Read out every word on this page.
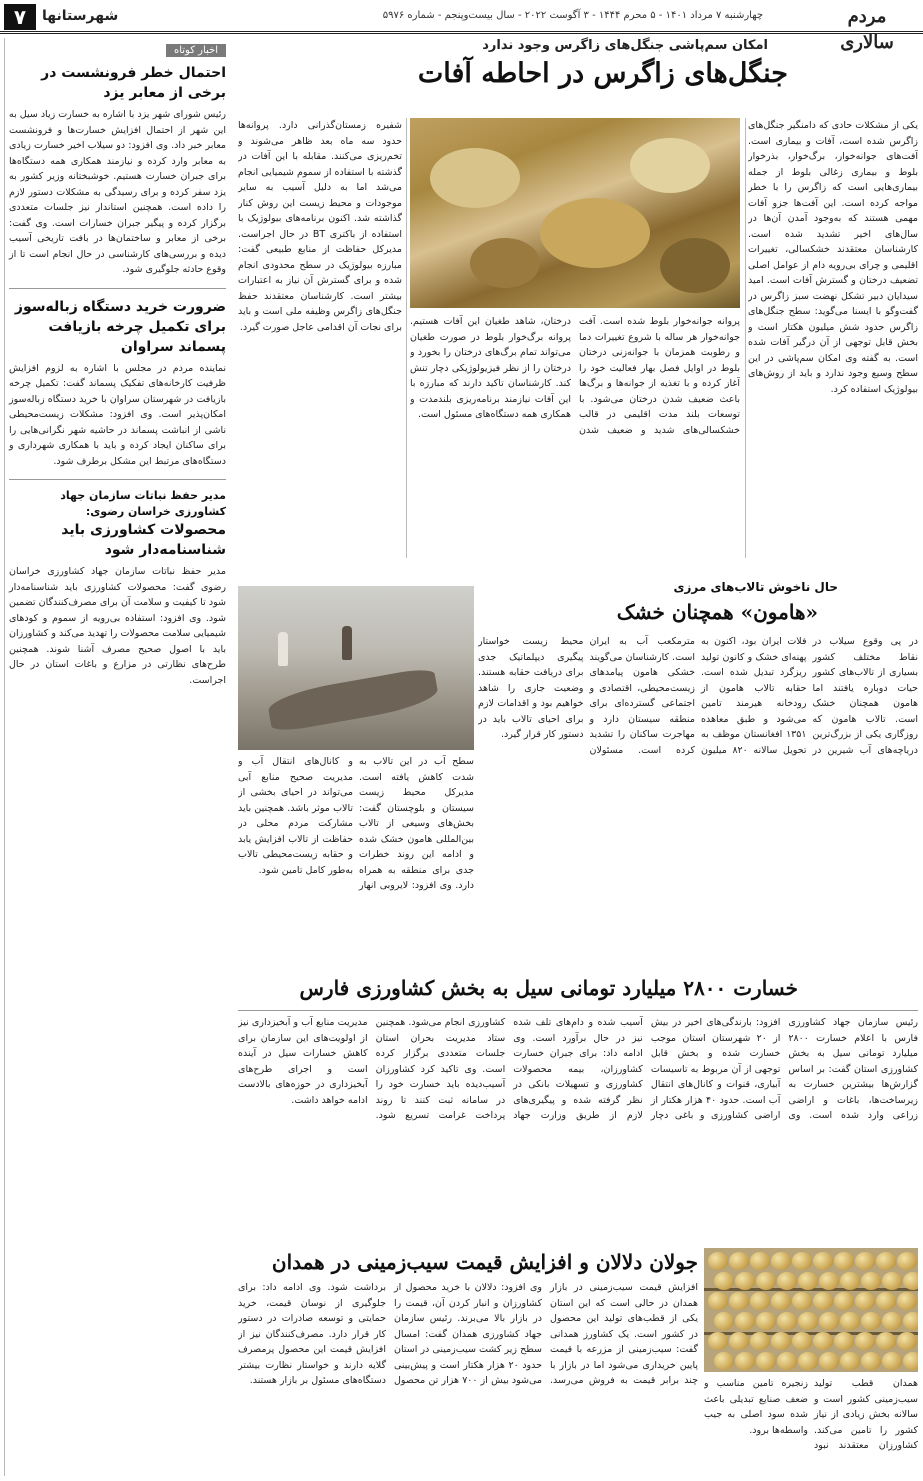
مردم سالاری
چهارشنبه ۷ مرداد ۱۴۰۱ - ۵ محرم ۱۴۴۴ - ۳ آگوست ۲۰۲۲ - سال بیست‌وپنجم - شماره ۵۹۷۶
شهرستانها
۷
اخبار کوتاه
احتمال خطر فرونشست در برخی از معابر یزد
رئیس شورای شهر یزد با اشاره به خسارت زیاد سیل به این شهر از احتمال افزایش خسارت‌ها و فرونشست معابر خبر داد. وی افزود: دو سیلاب اخیر خسارت زیادی به معابر وارد کرده و نیازمند همکاری همه دستگاه‌ها برای جبران خسارت هستیم. خوشبختانه وزیر کشور به یزد سفر کرده و برای رسیدگی به مشکلات دستور لازم را داده است. همچنین استاندار نیز جلسات متعددی برگزار کرده و پیگیر جبران خسارات است. وی گفت: برخی از معابر و ساختمان‌ها در بافت تاریخی آسیب دیده و بررسی‌های کارشناسی در حال انجام است تا از وقوع حادثه جلوگیری شود.
ضرورت خرید دستگاه زباله‌سوز برای تکمیل چرخه بازیافت پسماند سراوان
نماینده مردم در مجلس با اشاره به لزوم افزایش ظرفیت کارخانه‌های تفکیک پسماند گفت: تکمیل چرخه بازیافت در شهرستان سراوان با خرید دستگاه زباله‌سوز امکان‌پذیر است. وی افزود: مشکلات زیست‌محیطی ناشی از انباشت پسماند در حاشیه شهر نگرانی‌هایی را برای ساکنان ایجاد کرده و باید با همکاری شهرداری و دستگاه‌های مرتبط این مشکل برطرف شود.
مدیر حفظ نباتات سازمان جهاد کشاورزی خراسان رضوی:
محصولات کشاورزی باید شناسنامه‌دار شود
مدیر حفظ نباتات سازمان جهاد کشاورزی خراسان رضوی گفت: محصولات کشاورزی باید شناسنامه‌دار شود تا کیفیت و سلامت آن برای مصرف‌کنندگان تضمین شود. وی افزود: استفاده بی‌رویه از سموم و کودهای شیمیایی سلامت محصولات را تهدید می‌کند و کشاورزان باید با اصول صحیح مصرف آشنا شوند. همچنین طرح‌های نظارتی در مزارع و باغات استان در حال اجراست.
امکان سم‌پاشی جنگل‌های زاگرس وجود ندارد
جنگل‌های زاگرس در احاطه آفات
یکی از مشکلات حادی که دامنگیر جنگل‌های زاگرس شده است، آفات و بیماری است. آفت‌های جوانه‌خوار، برگ‌خوار، بذرخوار بلوط و بیماری زغالی بلوط از جمله بیماری‌هایی است که زاگرس را با خطر مواجه کرده است. این آفت‌ها جزو آفات مهمی هستند که به‌وجود آمدن آن‌ها در سال‌های اخیر تشدید شده است. کارشناسان معتقدند خشکسالی، تغییرات اقلیمی و چرای بی‌رویه دام از عوامل اصلی تضعیف درختان و گسترش آفات است. امید سیدایان دبیر تشکل نهضت سبز زاگرس در گفت‌وگو با ایسنا می‌گوید: سطح جنگل‌های زاگرس حدود شش میلیون هکتار است و بخش قابل توجهی از آن درگیر آفات شده است. به گفته وی امکان سم‌پاشی در این سطح وسیع وجود ندارد و باید از روش‌های بیولوژیک استفاده کرد.
پروانه جوانه‌خوار بلوط شده است. آفت جوانه‌خوار هر ساله با شروع تغییرات دما و رطوبت همزمان با جوانه‌زنی درختان بلوط در اوایل فصل بهار فعالیت خود را آغاز کرده و با تغذیه از جوانه‌ها و برگ‌ها باعث ضعیف شدن درختان می‌شود. با توسعات بلند مدت اقلیمی در قالب خشکسالی‌های شدید و ضعیف شدن درختان، شاهد طغیان این آفات هستیم. پروانه برگ‌خوار بلوط در صورت طغیان می‌تواند تمام برگ‌های درختان را بخورد و درختان را از نظر فیزیولوژیکی دچار تنش کند. کارشناسان تاکید دارند که مبارزه با این آفات نیازمند برنامه‌ریزی بلندمدت و همکاری همه دستگاه‌های مسئول است.
شفیره زمستان‌گذرانی دارد. پروانه‌ها حدود سه ماه بعد ظاهر می‌شوند و تخم‌ریزی می‌کنند. مقابله با این آفات در گذشته با استفاده از سموم شیمیایی انجام می‌شد اما به دلیل آسیب به سایر موجودات و محیط زیست این روش کنار گذاشته شد. اکنون برنامه‌های بیولوژیک با استفاده از باکتری BT در حال اجراست. مدیرکل حفاظت از منابع طبیعی گفت: مبارزه بیولوژیک در سطح محدودی انجام شده و برای گسترش آن نیاز به اعتبارات بیشتر است. کارشناسان معتقدند حفظ جنگل‌های زاگرس وظیفه ملی است و باید برای نجات آن اقدامی عاجل صورت گیرد.
حال ناخوش تالاب‌های مرزی
«هامون» همچنان خشک
در پی وقوع سیلاب در نقاط مختلف کشور بسیاری از تالاب‌های کشور حیات دوباره یافتند اما هامون همچنان خشک است. تالاب هامون که روزگاری یکی از بزرگ‌ترین دریاچه‌های آب شیرین در فلات ایران بود، اکنون به پهنه‌ای خشک و کانون تولید ریزگرد تبدیل شده است. حقابه تالاب هامون از رودخانه هیرمند تامین می‌شود و طبق معاهده ۱۳۵۱ افغانستان موظف به تحویل سالانه ۸۲۰ میلیون مترمکعب آب به ایران است. کارشناسان می‌گویند خشکی هامون پیامدهای زیست‌محیطی، اقتصادی و اجتماعی گسترده‌ای برای منطقه سیستان دارد و مهاجرت ساکنان را تشدید کرده است. مسئولان محیط زیست خواستار پیگیری دیپلماتیک جدی برای دریافت حقابه هستند. وضعیت جاری را شاهد خواهیم بود و اقدامات لازم برای احیای تالاب باید در دستور کار قرار گیرد.
سطح آب در این تالاب به شدت کاهش یافته است. مدیرکل محیط زیست سیستان و بلوچستان گفت: بخش‌های وسیعی از تالاب بین‌المللی هامون خشک شده و ادامه این روند خطرات جدی برای منطقه به همراه دارد. وی افزود: لایروبی انهار و کانال‌های انتقال آب و مدیریت صحیح منابع آبی می‌تواند در احیای بخشی از تالاب موثر باشد. همچنین باید مشارکت مردم محلی در حفاظت از تالاب افزایش یابد و حقابه زیست‌محیطی تالاب به‌طور کامل تامین شود.
خسارت ۲۸۰۰ میلیارد تومانی سیل به بخش کشاورزی فارس
رئیس سازمان جهاد کشاورزی فارس با اعلام خسارت ۲۸۰۰ میلیارد تومانی سیل به بخش کشاورزی استان گفت: بر اساس گزارش‌ها بیشترین خسارت به زیرساخت‌ها، باغات و اراضی زراعی وارد شده است. وی افزود: بارندگی‌های اخیر در بیش از ۲۰ شهرستان استان موجب خسارت شده و بخش قابل توجهی از آن مربوط به تاسیسات آبیاری، قنوات و کانال‌های انتقال آب است. حدود ۴۰ هزار هکتار از اراضی کشاورزی و باغی دچار آسیب شده و دام‌های تلف شده نیز در حال برآورد است. وی ادامه داد: برای جبران خسارت کشاورزان، بیمه محصولات کشاورزی و تسهیلات بانکی در نظر گرفته شده و پیگیری‌های لازم از طریق وزارت جهاد کشاورزی انجام می‌شود. همچنین ستاد مدیریت بحران استان جلسات متعددی برگزار کرده است. وی تاکید کرد کشاورزان آسیب‌دیده باید خسارت خود را در سامانه ثبت کنند تا روند پرداخت غرامت تسریع شود. مدیریت منابع آب و آبخیزداری نیز از اولویت‌های این سازمان برای کاهش خسارات سیل در آینده است و اجرای طرح‌های آبخیزداری در حوزه‌های بالادست ادامه خواهد داشت.
جولان دلالان و افزایش قیمت سیب‌زمینی در همدان
افزایش قیمت سیب‌زمینی در بازار همدان در حالی است که این استان یکی از قطب‌های تولید این محصول در کشور است. یک کشاورز همدانی گفت: سیب‌زمینی از مزرعه با قیمت پایین خریداری می‌شود اما در بازار با چند برابر قیمت به فروش می‌رسد. وی افزود: دلالان با خرید محصول از کشاورزان و انبار کردن آن، قیمت را در بازار بالا می‌برند. رئیس سازمان جهاد کشاورزی همدان گفت: امسال سطح زیر کشت سیب‌زمینی در استان حدود ۲۰ هزار هکتار است و پیش‌بینی می‌شود بیش از ۷۰۰ هزار تن محصول برداشت شود. وی ادامه داد: برای جلوگیری از نوسان قیمت، خرید حمایتی و توسعه صادرات در دستور کار قرار دارد. مصرف‌کنندگان نیز از افزایش قیمت این محصول پرمصرف گلایه دارند و خواستار نظارت بیشتر دستگاه‌های مسئول بر بازار هستند.	همدان قطب تولید سیب‌زمینی کشور است و سالانه بخش زیادی از نیاز کشور را تامین می‌کند. کشاورزان معتقدند نبود زنجیره تامین مناسب و ضعف صنایع تبدیلی باعث شده سود اصلی به جیب واسطه‌ها برود.
